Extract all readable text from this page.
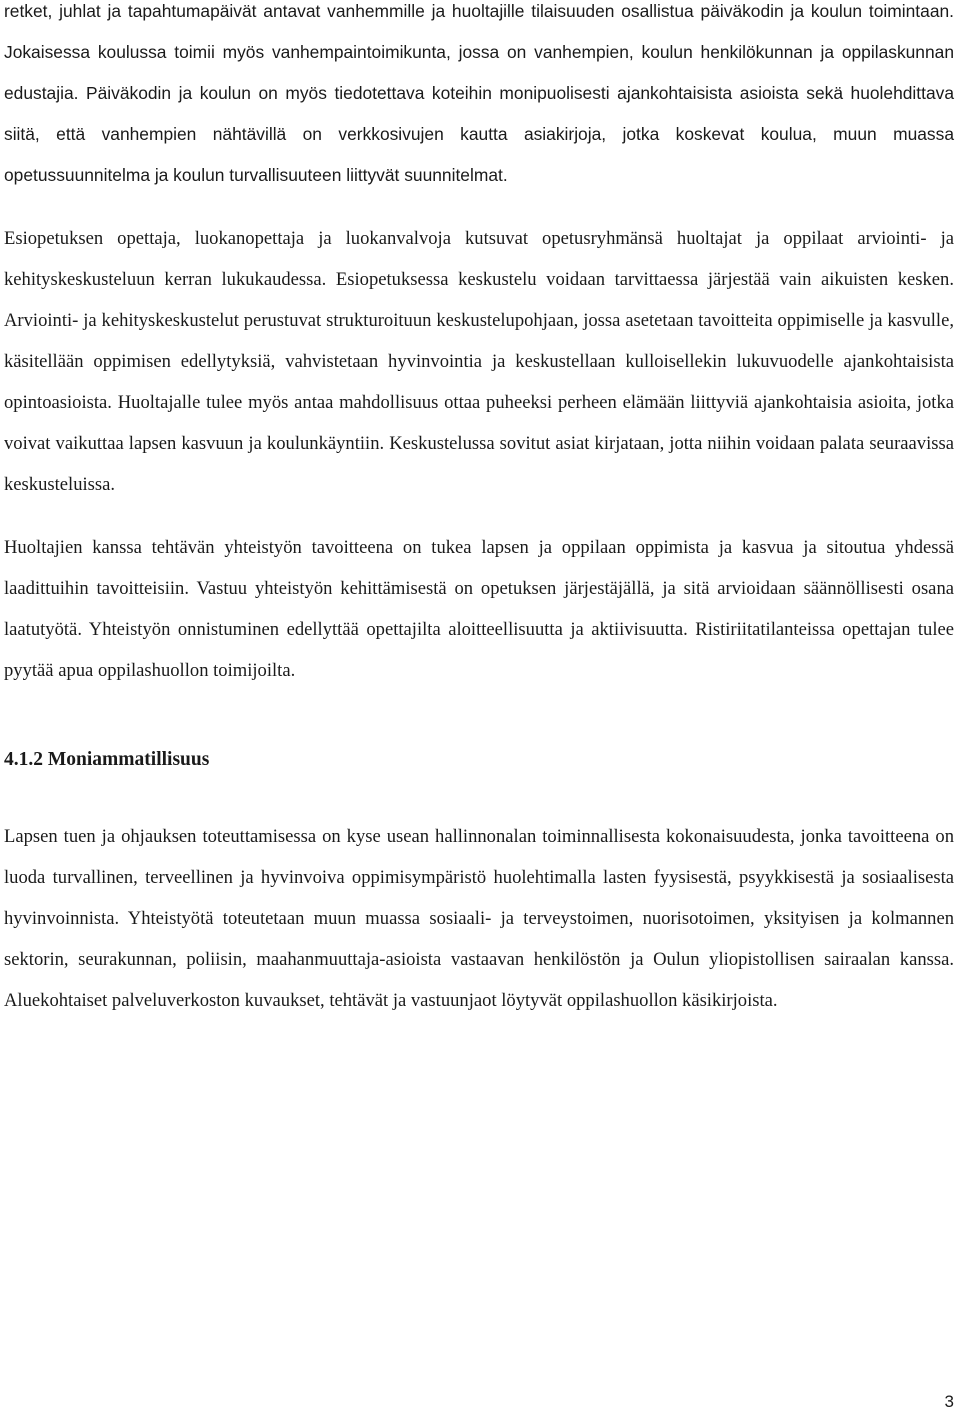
retket, juhlat ja tapahtumapäivät antavat vanhemmille ja huoltajille tilaisuuden osallistua päiväkodin ja koulun toimintaan. Jokaisessa koulussa toimii myös vanhempaintoimikunta, jossa on vanhempien, koulun henkilökunnan ja oppilaskunnan edustajia. Päiväkodin ja koulun on myös tiedotettava koteihin monipuolisesti ajankohtaisista asioista sekä huolehdittava siitä, että vanhempien nähtävillä on verkkosivujen kautta asiakirjoja, jotka koskevat koulua, muun muassa opetussuunnitelma ja koulun turvallisuuteen liittyvät suunnitelmat.

Esiopetuksen opettaja, luokanopettaja ja luokanvalvoja kutsuvat opetusryhmänsä huoltajat ja oppilaat arviointi- ja kehityskeskusteluun kerran lukukaudessa. Esiopetuksessa keskustelu voidaan tarvittaessa järjestää vain aikuisten kesken. Arviointi- ja kehityskeskustelut perustuvat strukturoituun keskustelupohjaan, jossa asetetaan tavoitteita oppimiselle ja kasvulle, käsitellään oppimisen edellytyksiä, vahvistetaan hyvinvointia ja keskustellaan kulloisellekin lukuvuodelle ajankohtaisista opintoasioista. Huoltajalle tulee myös antaa mahdollisuus ottaa puheeksi perheen elämään liittyviä ajankohtaisia asioita, jotka voivat vaikuttaa lapsen kasvuun ja koulunkäyntiin. Keskustelussa sovitut asiat kirjataan, jotta niihin voidaan palata seuraavissa keskusteluissa.

Huoltajien kanssa tehtävän yhteistyön tavoitteena on tukea lapsen ja oppilaan oppimista ja kasvua ja sitoutua yhdessä laadittuihin tavoitteisiin. Vastuu yhteistyön kehittämisestä on opetuksen järjestäjällä, ja sitä arvioidaan säännöllisesti osana laatutyötä. Yhteistyön onnistuminen edellyttää opettajilta aloitteellisuutta ja aktiivisuutta. Ristiriitatilanteissa opettajan tulee pyytää apua oppilashuollon toimijoilta.

4.1.2 Moniammatillisuus

Lapsen tuen ja ohjauksen toteuttamisessa on kyse usean hallinnonalan toiminnallisesta kokonaisuudesta, jonka tavoitteena on luoda turvallinen, terveellinen ja hyvinvoiva oppimisympäristö huolehtimalla lasten fyysisestä, psyykkisestä ja sosiaalisesta hyvinvoinnista. Yhteistyötä toteutetaan muun muassa sosiaali- ja terveystoimen, nuorisotoimen, yksityisen ja kolmannen sektorin, seurakunnan, poliisin, maahanmuuttaja-asioista vastaavan henkilöstön ja Oulun yliopistollisen sairaalan kanssa. Aluekohtaiset palveluverkoston kuvaukset, tehtävät ja vastuunjaot löytyvät oppilashuollon käsikirjoista.

3
